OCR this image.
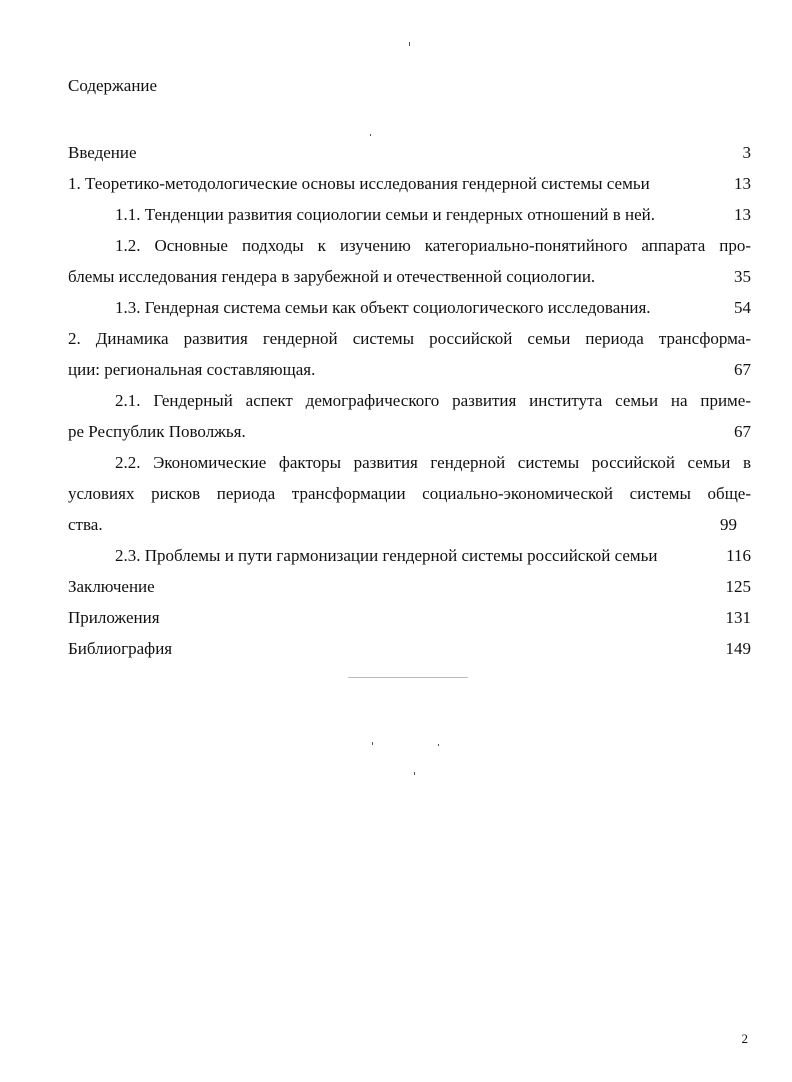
Содержание
Введение	3
1. Теоретико-методологические основы исследования гендерной системы семьи	13
1.1. Тенденции развития социологии семьи и гендерных отношений в ней.	13
1.2. Основные подходы к изучению категориально-понятийного аппарата про-
блемы исследования гендера в зарубежной и отечественной социологии.	35
1.3. Гендерная система семьи как объект социологического исследования.	54
2. Динамика развития гендерной системы российской семьи периода трансформа-
ции: региональная составляющая.	67
2.1. Гендерный аспект демографического развития института семьи на приме-
ре Республик Поволжья.	67
2.2. Экономические факторы развития гендерной системы российской семьи в
условиях рисков периода трансформации социально-экономической системы обще-
ства.	99
2.3. Проблемы и пути гармонизации гендерной системы российской семьи	116
Заключение	125
Приложения	131
Библиография	149
2
